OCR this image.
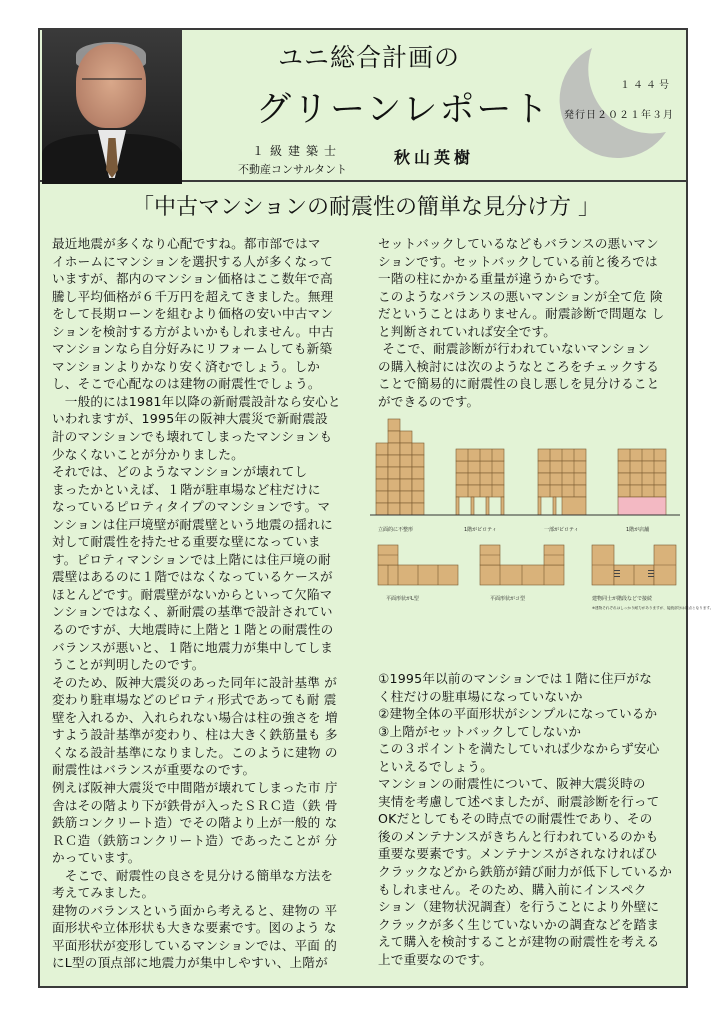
ユニ総合計画の
グリーンレポート
１級建築士
不動産コンサルタント
秋山英樹
１４４号
発行日２０２１年３月
「中古マンションの耐震性の簡単な見分け方 」
最近地震が多くなり心配ですね。都市部ではマ
イホームにマンションを選択する人が多くなって
いますが、都内のマンション価格はここ数年で高
騰し平均価格が６千万円を超えてきました。無理
をして長期ローンを組むより価格の安い中古マン
ションを検討する方がよいかもしれません。中古
マンションなら自分好みにリフォームしても新築
マンションよりかなり安く済むでしょう。しか
し、そこで心配なのは建物の耐震性でしょう。
　一般的には1981年以降の新耐震設計なら安心と
いわれますが、1995年の阪神大震災で新耐震設
計のマンションでも壊れてしまったマンションも
少なくないことが分かりました。
それでは、どのようなマンションが壊れてし
まったかといえば、１階が駐車場など柱だけに
なっているピロティタイプのマンションです。マ
ンションは住戸境壁が耐震壁という地震の揺れに
対して耐震性を持たせる重要な壁になっていま
す。ピロティマンションでは上階には住戸境の耐
震壁はあるのに１階ではなくなっているケースが
ほとんどです。耐震壁がないからといって欠陥マ
ンションではなく、新耐震の基準で設計されてい
るのですが、大地震時に上階と１階との耐震性の
バランスが悪いと、１階に地震力が集中してしま
うことが判明したのです。
そのため、阪神大震災のあった同年に設計基準 が
変わり駐車場などのピロティ形式であっても耐 震
壁を入れるか、入れられない場合は柱の強さを 増
すよう設計基準が変わり、柱は大きく鉄筋量も 多
くなる設計基準になりました。このように建物 の
耐震性はバランスが重要なのです。
例えば阪神大震災で中間階が壊れてしまった市 庁
舎はその階より下が鉄骨が入ったＳＲＣ造（鉄 骨
鉄筋コンクリート造）でその階より上が一般的 な
ＲＣ造（鉄筋コンクリート造）であったことが 分
かっています。
　そこで、耐震性の良さを見分ける簡単な方法を
考えてみました。
建物のバランスという面から考えると、建物の 平
面形状や立体形状も大きな要素です。図のよう な
平面形状が変形しているマンションでは、平面 的
にL型の頂点部に地震力が集中しやすい、上階が
セットバックしているなどもバランスの悪いマン
ションです。セットバックしている前と後ろでは
一階の柱にかかる重量が違うからです。
このようなバランスの悪いマンションが全て危 険
だということはありません。耐震診断で問題な し
と判断されていれば安全です。
そこで、耐震診断が行われていないマンション
の購入検討には次のようなところをチェックする
ことで簡易的に耐震性の良し悪しを見分けること
ができるのです。
立面的に不整形	1階がピロティ	一部がピロティ	1階が店舗
平面形状がL型	平面形状がコ型	建物同士が階段などで接続
※建物それぞれはしっかり耐力がありますが、接続部分は弱点となります。
①1995年以前のマンションでは１階に住戸がな
く柱だけの駐車場になっていないか
②建物全体の平面形状がシンプルになっているか
③上階がセットバックしてしないか
この３ポイントを満たしていれば少なからず安心
といえるでしょう。
マンションの耐震性について、阪神大震災時の
実情を考慮して述べましたが、耐震診断を行って
OKだとしてもその時点での耐震性であり、その
後のメンテナンスがきちんと行われているのかも
重要な要素です。メンテナンスがされなければひ
クラックなどから鉄筋が錆び耐力が低下しているか
もしれません。そのため、購入前にインスペク
ション（建物状況調査）を行うことにより外壁に
クラックが多く生じていないかの調査などを踏ま
えて購入を検討することが建物の耐震性を考える
上で重要なのです。
